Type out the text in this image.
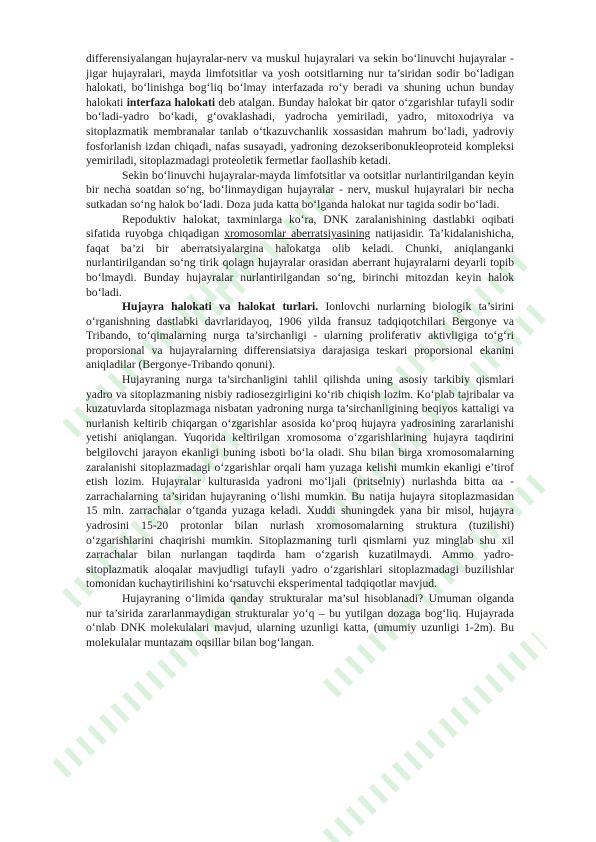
differensiyalangan hujayralar-nerv va muskul hujayralari va sekin bo‘linuvchi hujayralar - jigar hujayralari, mayda limfotsitlar va yosh ootsitlarning nur ta’siridan sodir bo‘ladigan halokati, bo‘linishga bog‘liq bo‘lmay interfazada ro‘y beradi va shuning uchun bunday halokati interfaza halokati deb atalgan. Bunday halokat bir qator o‘zgarishlar tufayli sodir bo‘ladi-yadro bo‘kadi, g‘ovaklashadi, yadrocha yemiriladi, yadro, mitoxodriya va sitoplazmatik membranalar tanlab o‘tkazuvchanlik xossasidan mahrum bo‘ladi, yadroviy fosforlanish izdan chiqadi, nafas susayadi, yadroning dezokseribonukleoproteid kompleksi yemiriladi, sitoplazmadagi proteoletik fermetlar faollashib ketadi.

Sekin bo‘linuvchi hujayralar-mayda limfotsitlar va ootsitlar nurlantirilgandan keyin bir necha soatdan so‘ng, bo‘linmaydigan hujayralar - nerv, muskul hujayralari bir necha sutkadan so‘ng halok bo‘ladi. Doza juda katta bo‘lganda halokat nur tagida sodir bo‘ladi.

Repoduktiv halokat, taxminlarga ko‘ra, DNK zaralanishining dastlabki oqibati sifatida ruyobga chiqadigan xromosomlar aberratsiyasining natijasidir. Ta’kidalanishicha, faqat ba’zi bir aberratsiyalargina halokatga olib keladi. Chunki, aniqlanganki nurlantirilgandan so‘ng tirik qolagn hujayralar orasidan aberrant hujayralarni deyarli topib bo‘lmaydi. Bunday hujayralar nurlantirilgandan so‘ng, birinchi mitozdan keyin halok bo‘ladi.

Hujayra halokati va halokat turlari. Ionlovchi nurlarning biologik ta’sirini o‘rganishning dastlabki davrlaridayoq, 1906 yilda fransuz tadqiqotchilari Bergonye va Tribando, to‘qimalarning nurga ta’sirchanligi - ularning proliferativ aktivligiga to‘g‘ri proporsional va hujayralarning differensiatsiya darajasiga teskari proporsional ekanini aniqladilar (Bergonye-Tribando qonuni).

Hujayraning nurga ta’sirchanligini tahlil qilishda uning asosiy tarkibiy qismlari yadro va sitoplazmaning nisbiy radiosezgirligini ko‘rib chiqish lozim. Ko‘plab tajribalar va kuzatuvlarda sitoplazmaga nisbatan yadroning nurga ta’sirchanligining beqiyos kattaligi va nurlanish keltirib chiqargan o‘zgarishlar asosida ko‘proq hujayra yadrosining zararlanishi yetishi aniqlangan. Yuqorida keltirilgan xromosoma o‘zgarishlarining hujayra taqdirini belgilovchi jarayon ekanligi buning isboti bo‘la oladi. Shu bilan birga xromosomalarning zaralanishi sitoplazmadagi o‘zgarishlar orqali ham yuzaga kelishi mumkin ekanligi e’tirof etish lozim. Hujayralar kulturasida yadroni mo‘ljali (pritselniy) nurlashda bitta αa - zarrachalarning ta’siridan hujayraning o‘lishi mumkin. Bu natija hujayra sitoplazmasidan 15 mln. zarrachalar o‘tganda yuzaga keladi. Xuddi shuningdek yana bir misol, hujayra yadrosini 15-20 protonlar bilan nurlash xromosomalarning struktura (tuzilishi) o‘zgarishlarini chaqirishi mumkin. Sitoplazmaning turli qismlarni yuz minglab shu xil zarrachalar bilan nurlangan taqdirda ham o‘zgarish kuzatilmaydi. Ammo yadro-sitoplazmatik aloqalar mavjudligi tufayli yadro o‘zgarishlari sitoplazmadagi buzilishlar tomonidan kuchaytirilishini ko‘rsatuvchi eksperimental tadqiqotlar mavjud.

Hujayraning o‘limida qanday strukturalar ma’sul hisoblanadi? Umuman olganda nur ta’sirida zararlanmaydigan strukturalar yo‘q – bu yutilgan dozaga bog‘liq. Hujayrada o‘nlab DNK molekulalari mavjud, ularning uzunligi katta, (umumiy uzunligi 1-2m). Bu molekulalar muntazam oqsillar bilan bog‘langan.
